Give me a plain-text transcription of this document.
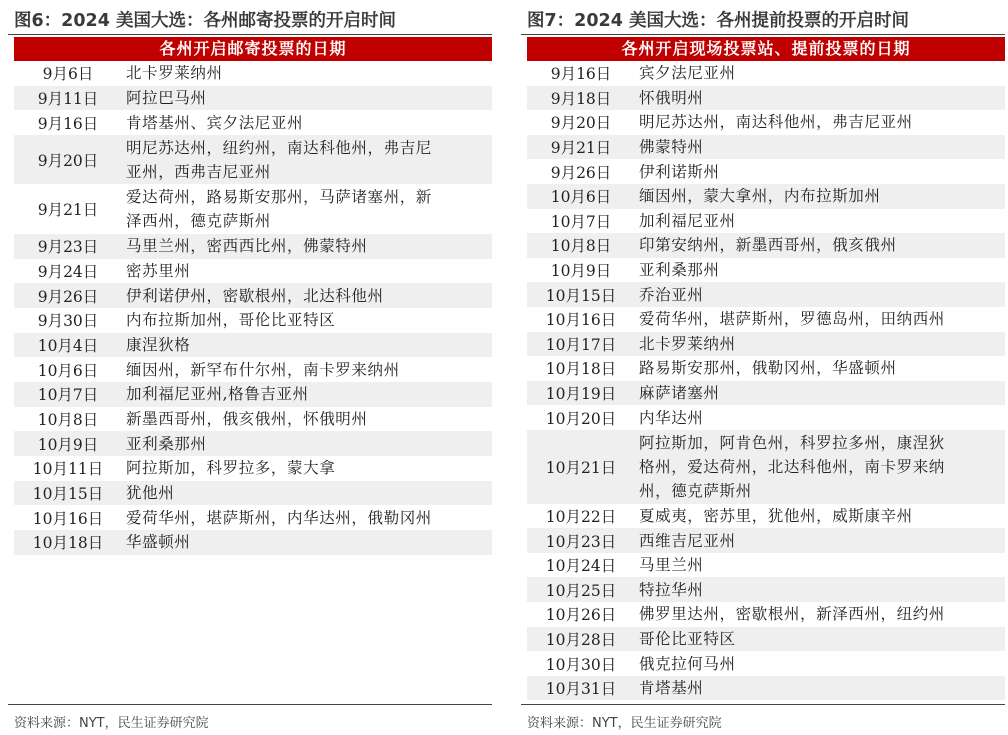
图6：2024 美国大选：各州邮寄投票的开启时间
各州开启邮寄投票的日期
9月6日	北卡罗莱纳州
9月11日	阿拉巴马州
9月16日	肯塔基州、宾夕法尼亚州
9月20日
明尼苏达州，纽约州，南达科他州，弗吉尼
亚州，西弗吉尼亚州
9月21日
爱达荷州，路易斯安那州，马萨诸塞州，新
泽西州，德克萨斯州
9月23日	马里兰州，密西西比州，佛蒙特州
9月24日	密苏里州
9月26日	伊利诺伊州，密歇根州，北达科他州
9月30日	内布拉斯加州，哥伦比亚特区
10月4日	康涅狄格
10月6日	缅因州，新罕布什尔州，南卡罗来纳州
10月7日	加利福尼亚州,格鲁吉亚州
10月8日	新墨西哥州，俄亥俄州，怀俄明州
10月9日	亚利桑那州
10月11日	阿拉斯加，科罗拉多，蒙大拿
10月15日	犹他州
10月16日	爱荷华州，堪萨斯州，内华达州，俄勒冈州
10月18日	华盛顿州
资料来源：NYT，民生证券研究院
图7：2024 美国大选：各州提前投票的开启时间
各州开启现场投票站、提前投票的日期
9月16日	宾夕法尼亚州
9月18日	怀俄明州
9月20日	明尼苏达州，南达科他州，弗吉尼亚州
9月21日	佛蒙特州
9月26日	伊利诺斯州
10月6日	缅因州，蒙大拿州，内布拉斯加州
10月7日	加利福尼亚州
10月8日	印第安纳州，新墨西哥州，俄亥俄州
10月9日	亚利桑那州
10月15日	乔治亚州
10月16日	爱荷华州，堪萨斯州，罗德岛州，田纳西州
10月17日	北卡罗莱纳州
10月18日	路易斯安那州，俄勒冈州，华盛顿州
10月19日	麻萨诸塞州
10月20日	内华达州
10月21日
阿拉斯加，阿肯色州，科罗拉多州，康涅狄
格州，爱达荷州，北达科他州，南卡罗来纳
州，德克萨斯州
10月22日	夏威夷，密苏里，犹他州，威斯康辛州
10月23日	西维吉尼亚州
10月24日	马里兰州
10月25日	特拉华州
10月26日	佛罗里达州，密歇根州，新泽西州，纽约州
10月28日	哥伦比亚特区
10月30日	俄克拉何马州
10月31日	肯塔基州
资料来源：NYT，民生证券研究院
